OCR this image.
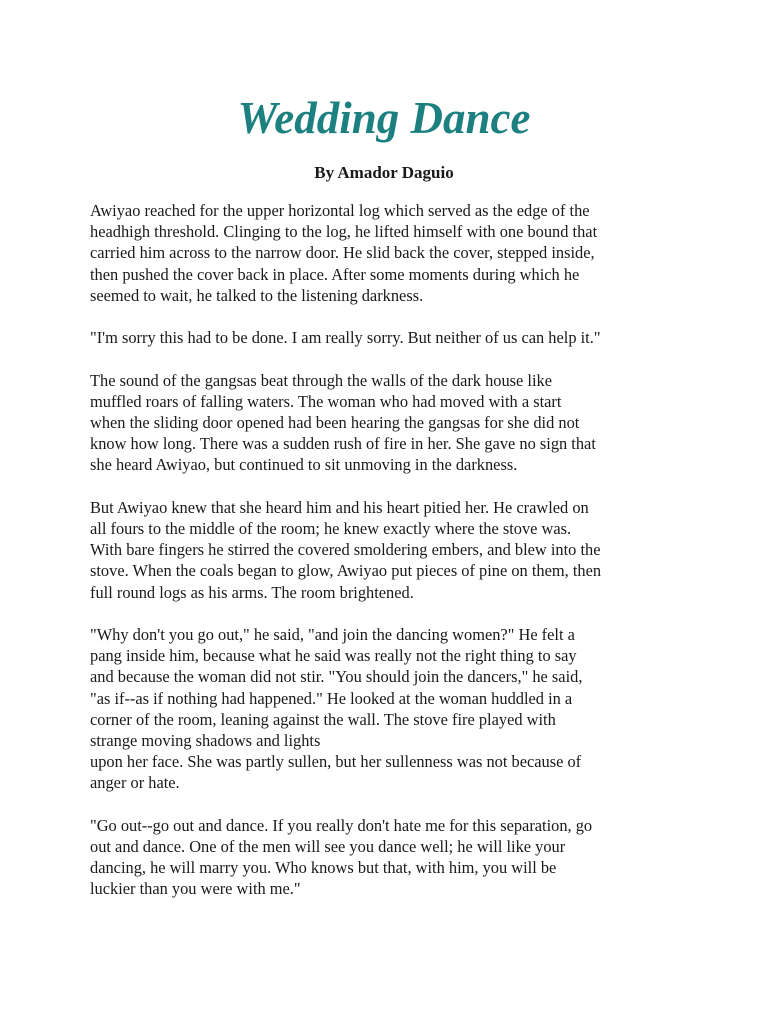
Wedding Dance
By Amador Daguio
Awiyao reached for the upper horizontal log which served as the edge of the
headhigh threshold. Clinging to the log, he lifted himself with one bound that
carried him across to the narrow door. He slid back the cover, stepped inside,
then pushed the cover back in place. After some moments during which he
seemed to wait, he talked to the listening darkness.
"I'm sorry this had to be done. I am really sorry. But neither of us can help it."
The sound of the gangsas beat through the walls of the dark house like
muffled roars of falling waters. The woman who had moved with a start
when the sliding door opened had been hearing the gangsas for she did not
know how long. There was a sudden rush of fire in her. She gave no sign that
she heard Awiyao, but continued to sit unmoving in the darkness.
But Awiyao knew that she heard him and his heart pitied her. He crawled on
all fours to the middle of the room; he knew exactly where the stove was.
With bare fingers he stirred the covered smoldering embers, and blew into the
stove. When the coals began to glow, Awiyao put pieces of pine on them, then
full round logs as his arms. The room brightened.
"Why don't you go out," he said, "and join the dancing women?" He felt a
pang inside him, because what he said was really not the right thing to say
and because the woman did not stir. "You should join the dancers," he said,
"as if--as if nothing had happened." He looked at the woman huddled in a
corner of the room, leaning against the wall. The stove fire played with
strange moving shadows and lights
upon her face. She was partly sullen, but her sullenness was not because of
anger or hate.
"Go out--go out and dance. If you really don't hate me for this separation, go
out and dance. One of the men will see you dance well; he will like your
dancing, he will marry you. Who knows but that, with him, you will be
luckier than you were with me."
